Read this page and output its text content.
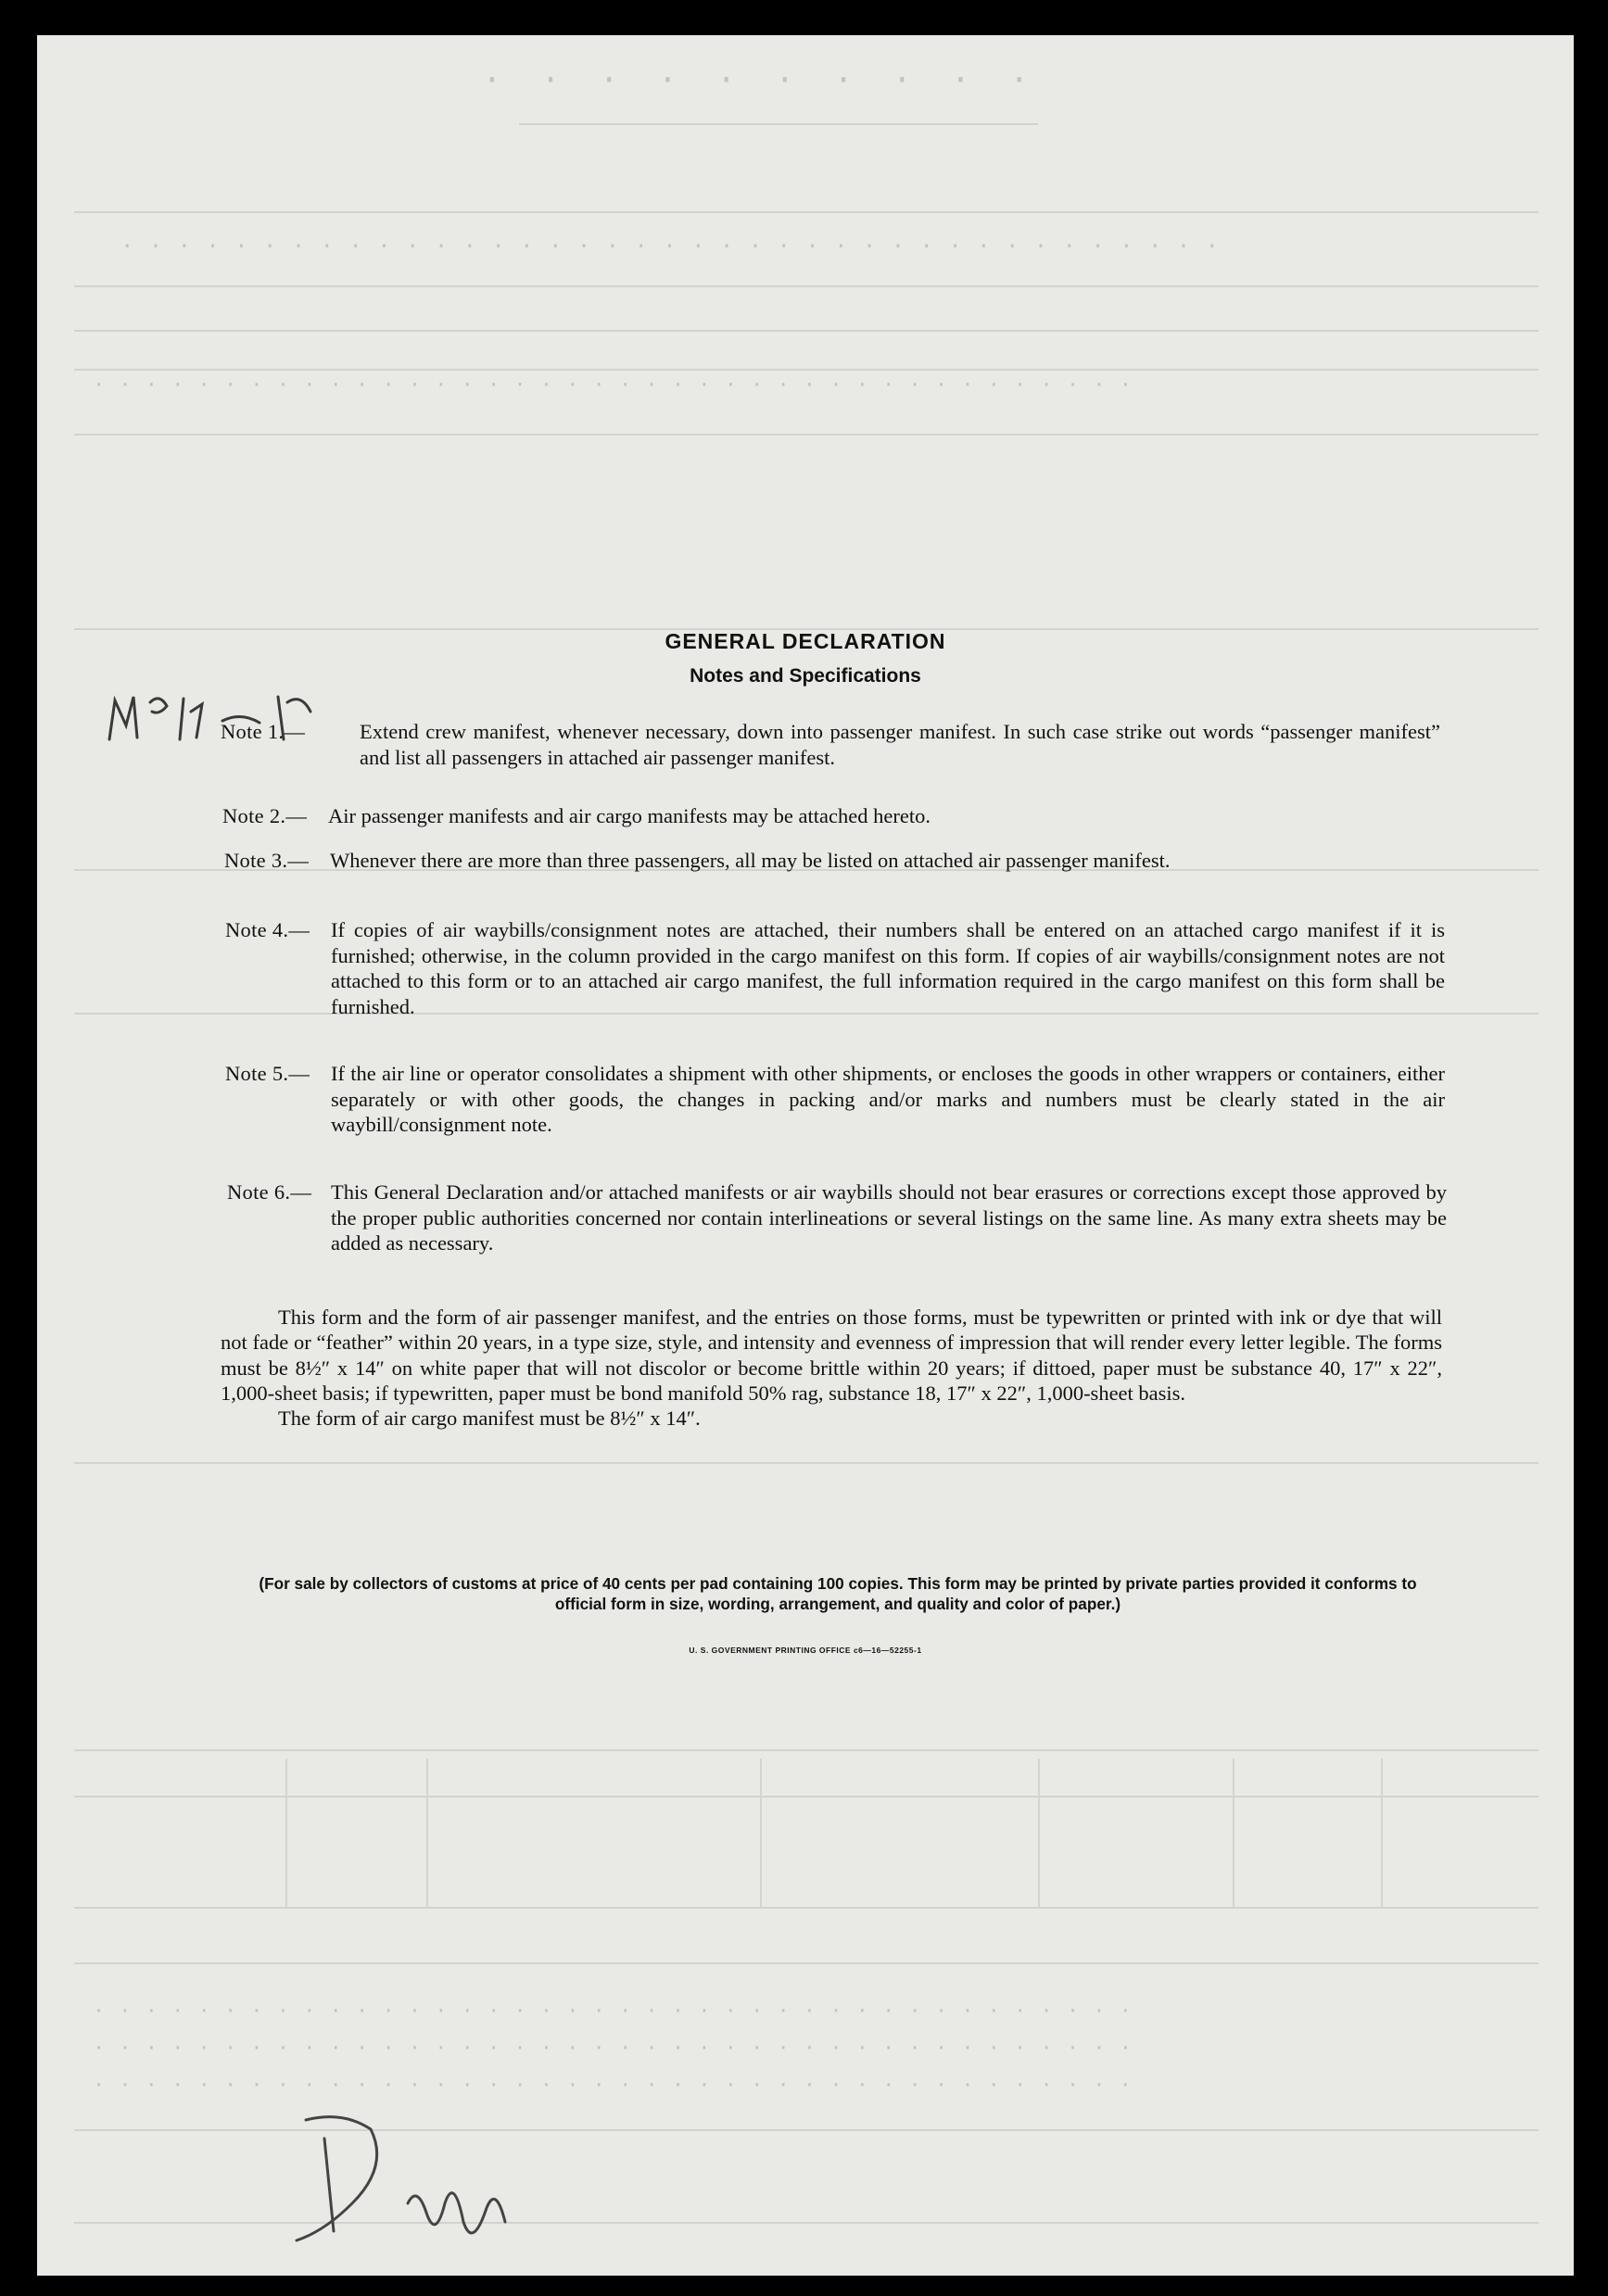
· · · · · · · · · ·
· · · · · · · · · · · · · · · · · · · · · · · · · · · · · · · · · · · · · · ·
· · · · · · · · · · · · · · · · · · · · · · · · · · · · · · · · · · · · · · · ·
· · · · · · · · · · · · · · · · · · · · · · · · · · · · · · · · · · · · · · · ·
· · · · · · · · · · · · · · · · · · · · · · · · · · · · · · · · · · · · · · · ·
· · · · · · · · · · · · · · · · · · · · · · · · · · · · · · · · · · · · · · · ·
GENERAL DECLARATION
Notes and Specifications
Note 1.—	Extend crew manifest, whenever necessary, down into passenger manifest. In such case strike out words “passenger manifest” and list all passengers in attached air passenger manifest.
Note 2.—	Air passenger manifests and air cargo manifests may be attached hereto.
Note 3.—	Whenever there are more than three passengers, all may be listed on attached air passenger manifest.
Note 4.—	If copies of air waybills/consignment notes are attached, their numbers shall be entered on an attached cargo manifest if it is furnished; otherwise, in the column provided in the cargo manifest on this form. If copies of air waybills/consignment notes are not attached to this form or to an attached air cargo manifest, the full information required in the cargo manifest on this form shall be furnished.
Note 5.—	If the air line or operator consolidates a shipment with other shipments, or encloses the goods in other wrappers or containers, either separately or with other goods, the changes in packing and/or marks and numbers must be clearly stated in the air waybill/consignment note.
Note 6.— This General Declaration and/or attached manifests or air waybills should not bear erasures or corrections except those approved by the proper public authorities concerned nor contain interlineations or several listings on the same line. As many extra sheets may be added as necessary.

This form and the form of air passenger manifest, and the entries on those forms, must be typewritten or printed with ink or dye that will not fade or “feather” within 20 years, in a type size, style, and intensity and evenness of impression that will render every letter legible. The forms must be 8½″ x 14″ on white paper that will not discolor or become brittle within 20 years; if dittoed, paper must be substance 40, 17″ x 22″, 1,000-sheet basis; if typewritten, paper must be bond manifold 50% rag, substance 18, 17″ x 22″, 1,000-sheet basis.

The form of air cargo manifest must be 8½″ x 14″.

(For sale by collectors of customs at price of 40 cents per pad containing 100 copies. This form may be printed by private parties provided it conforms to official form in size, wording, arrangement, and quality and color of paper.)
U. S. GOVERNMENT PRINTING OFFICE c6—16—52255-1
